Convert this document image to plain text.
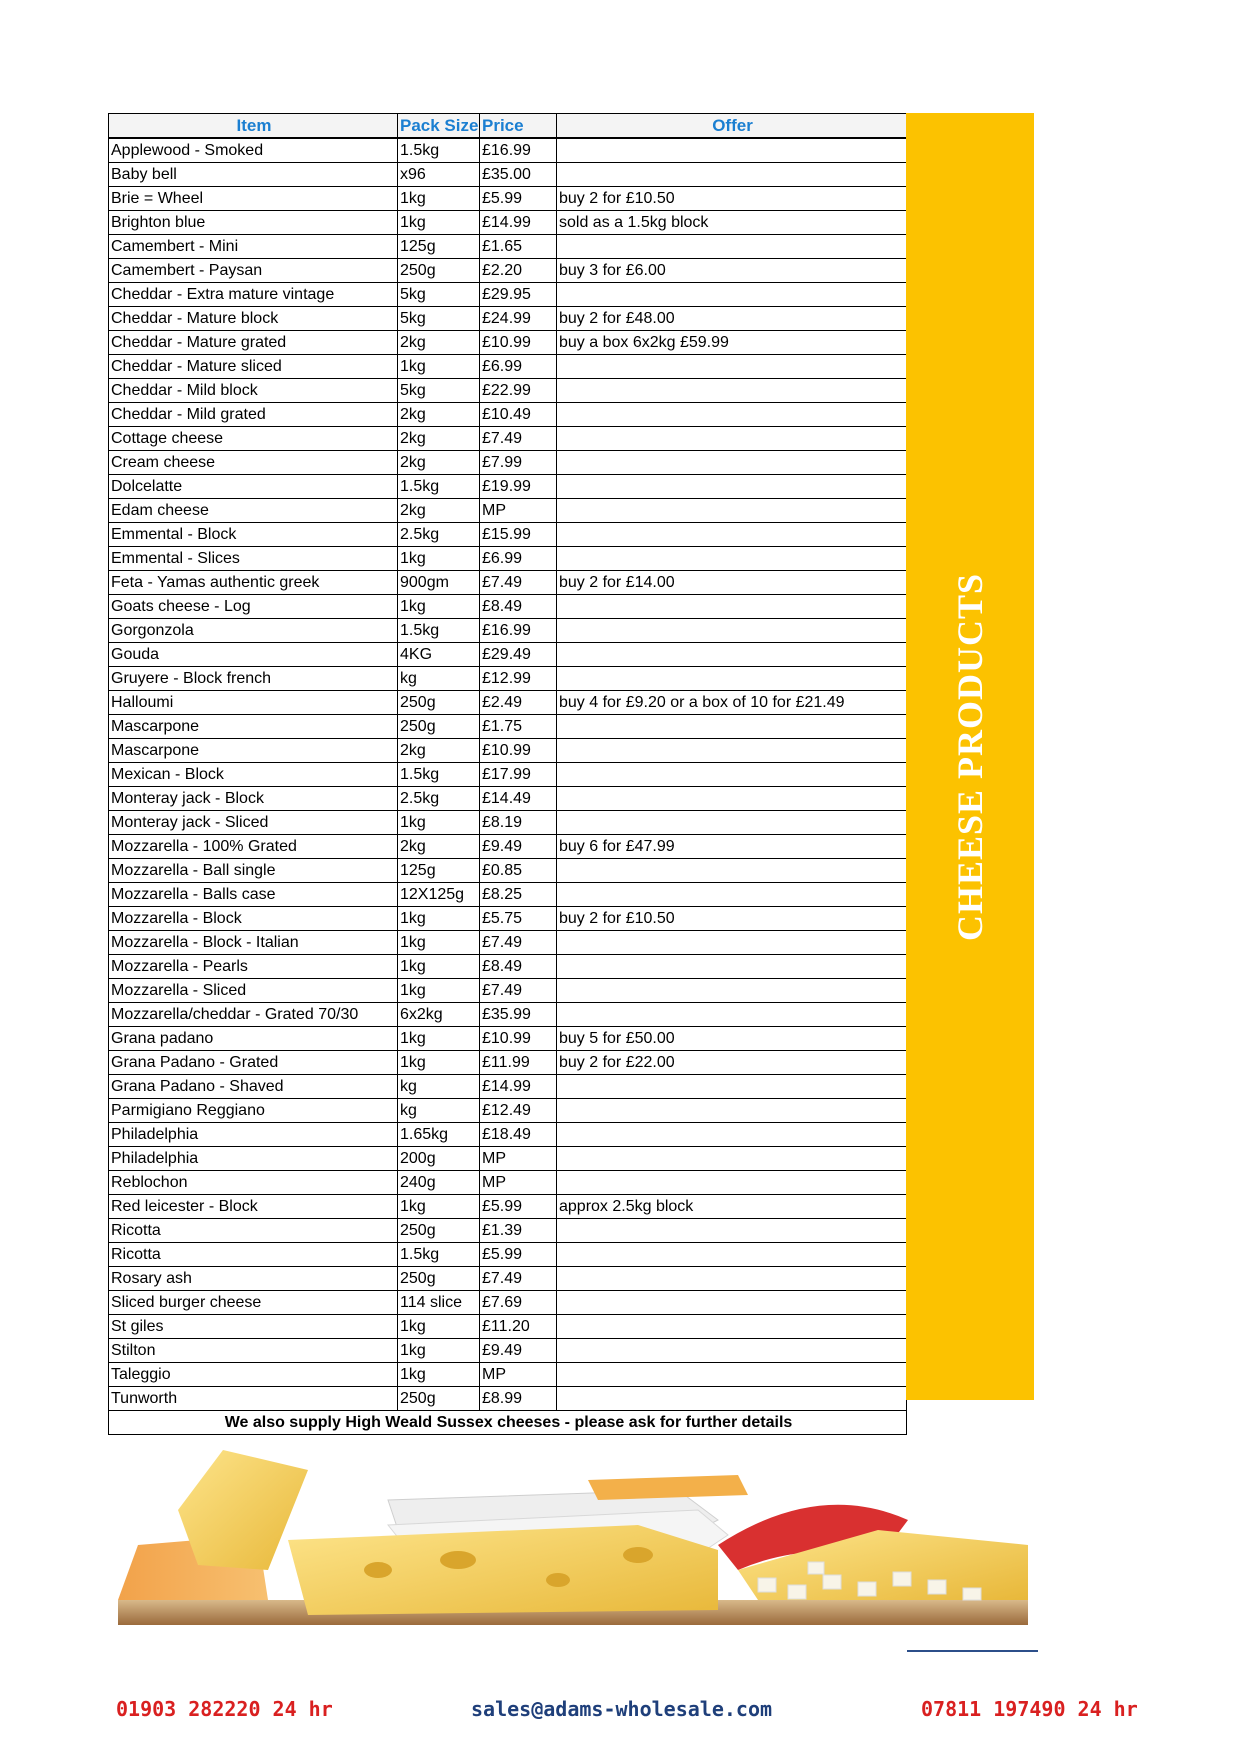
Item	Pack Size	Price	Offer
Applewood - Smoked	1.5kg	£16.99	
Baby bell	x96	£35.00	
Brie = Wheel	1kg	£5.99	buy 2 for £10.50
Brighton blue	1kg	£14.99	sold as a 1.5kg block
Camembert - Mini	125g	£1.65	
Camembert - Paysan	250g	£2.20	buy 3 for £6.00
Cheddar - Extra mature vintage	5kg	£29.95	
Cheddar - Mature block	5kg	£24.99	buy 2 for £48.00
Cheddar - Mature grated	2kg	£10.99	buy a box 6x2kg £59.99
Cheddar - Mature sliced	1kg	£6.99	
Cheddar - Mild block	5kg	£22.99	
Cheddar - Mild grated	2kg	£10.49	
Cottage cheese	2kg	£7.49	
Cream cheese	2kg	£7.99	
Dolcelatte	1.5kg	£19.99	
Edam cheese	2kg	MP	
Emmental - Block	2.5kg	£15.99	
Emmental - Slices	1kg	£6.99	
Feta - Yamas authentic greek	900gm	£7.49	buy 2 for £14.00
Goats cheese - Log	1kg	£8.49	
Gorgonzola	1.5kg	£16.99	
Gouda	4KG	£29.49	
Gruyere - Block french	kg	£12.99	
Halloumi	250g	£2.49	buy 4 for £9.20 or a box of 10 for £21.49
Mascarpone	250g	£1.75	
Mascarpone	2kg	£10.99	
Mexican - Block	1.5kg	£17.99	
Monteray jack - Block	2.5kg	£14.49	
Monteray jack - Sliced	1kg	£8.19	
Mozzarella - 100% Grated	2kg	£9.49	buy 6 for £47.99
Mozzarella - Ball single	125g	£0.85	
Mozzarella - Balls case	12X125g	£8.25	
Mozzarella - Block	1kg	£5.75	buy 2 for £10.50
Mozzarella - Block - Italian	1kg	£7.49	
Mozzarella - Pearls	1kg	£8.49	
Mozzarella - Sliced	1kg	£7.49	
Mozzarella/cheddar - Grated 70/30	6x2kg	£35.99	
Grana padano	1kg	£10.99	buy 5 for £50.00
Grana Padano - Grated	1kg	£11.99	buy 2 for £22.00
Grana Padano - Shaved	kg	£14.99	
Parmigiano Reggiano	kg	£12.49	
Philadelphia	1.65kg	£18.49	
Philadelphia	200g	MP	
Reblochon	240g	MP	
Red leicester - Block	1kg	£5.99	approx 2.5kg block
Ricotta	250g	£1.39	
Ricotta	1.5kg	£5.99	
Rosary ash	250g	£7.49	
Sliced burger cheese	114 slice	£7.69	
St giles	1kg	£11.20	
Stilton	1kg	£9.49	
Taleggio	1kg	MP	
Tunworth	250g	£8.99	
We also supply High Weald Sussex cheeses - please ask for further details			
CHEESE PRODUCTS
01903 282220 24 hr	sales@adams-wholesale.com	07811 197490 24 hr
